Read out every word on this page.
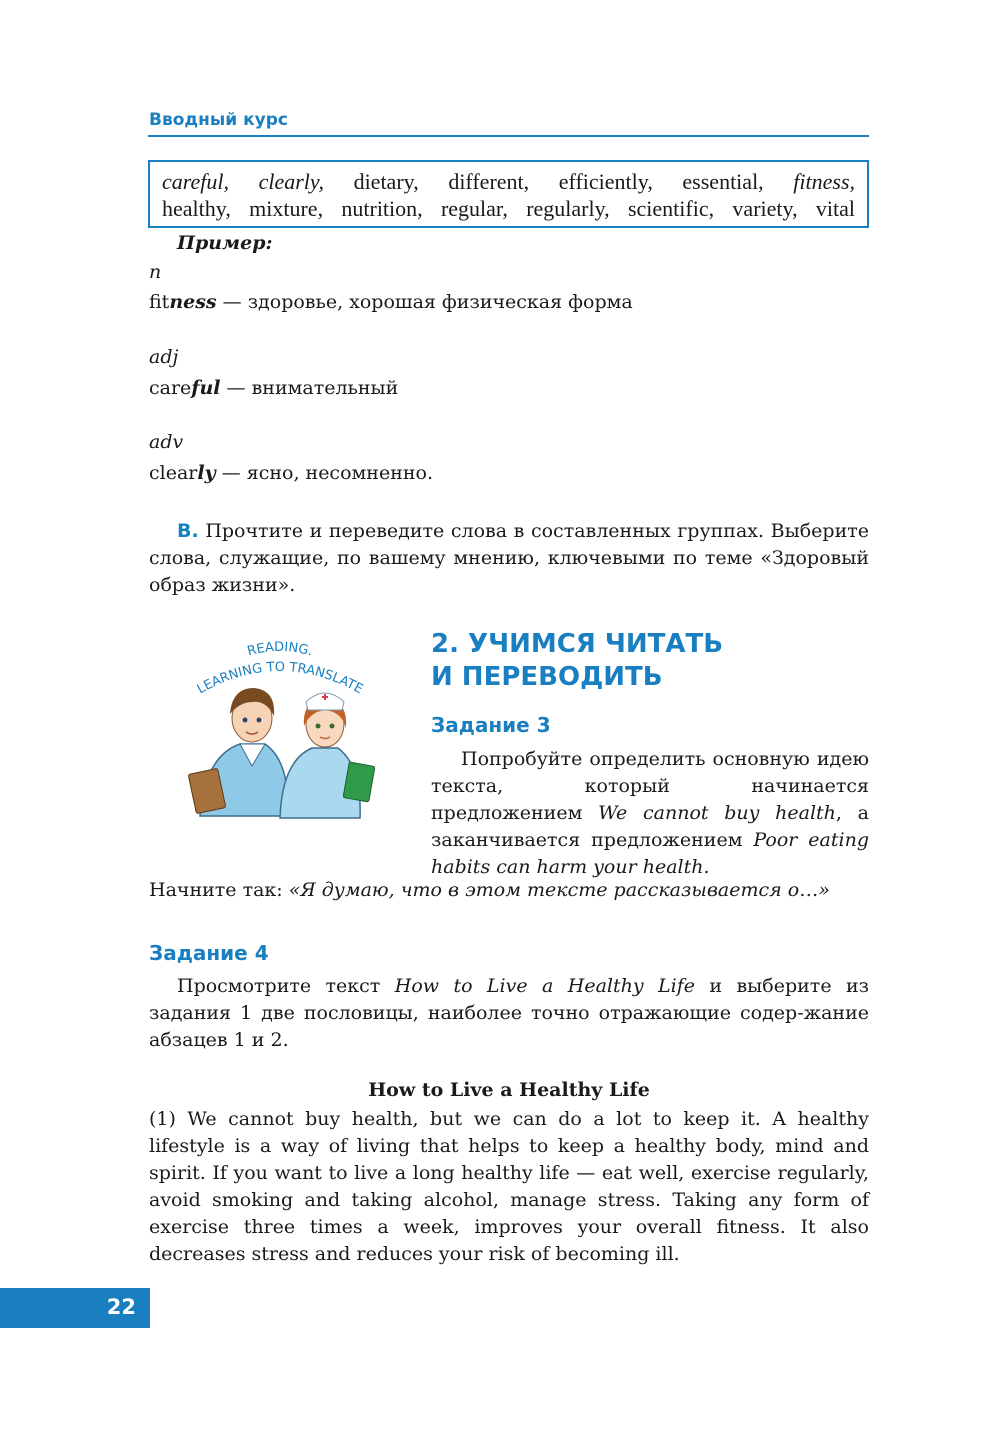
Вводный курс
careful, clearly, dietary, different, efficiently, essential, fitness,
healthy, mixture, nutrition, regular, regularly, scientific, variety, vital
Пример:
n
fitness — здоровье, хорошая физическая форма
adj
careful — внимательный
adv
clearly — ясно, несомненно.
B. Прочтите и переведите слова в составленных группах. Выберите слова, служащие, по вашему мнению, ключевыми по теме «Здоровый образ жизни».
READING.
LEARNING TO TRANSLATE
2. УЧИМСЯ ЧИТАТЬ
И ПЕРЕВОДИТЬ
Задание 3
Попробуйте определить основную идею текста, который начинается предложением We cannot buy health, а заканчивается предложением Poor eating habits can harm your health.
Начните так: «Я думаю, что в этом тексте рассказывается о…»
Задание 4
Просмотрите текст How to Live a Healthy Life и выберите из задания 1 две пословицы, наиболее точно отражающие содер-жание абзацев 1 и 2.
How to Live a Healthy Life
(1) We cannot buy health, but we can do a lot to keep it. A healthy lifestyle is a way of living that helps to keep a healthy body, mind and spirit. If you want to live a long healthy life — eat well, exercise regularly, avoid smoking and taking alcohol, manage stress. Taking any form of exercise three times a week, improves your overall fitness. It also decreases stress and reduces your risk of becoming ill.
22
